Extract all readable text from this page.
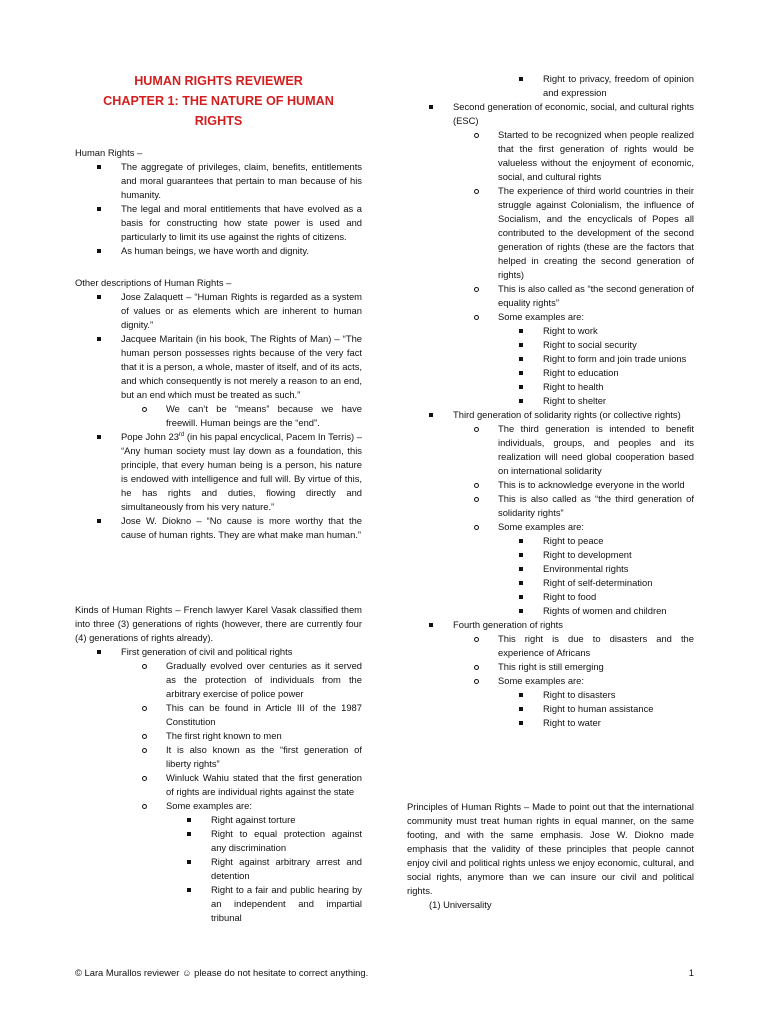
HUMAN RIGHTS REVIEWER
CHAPTER 1: THE NATURE OF HUMAN
RIGHTS

Human Rights –

The aggregate of privileges, claim, benefits, entitlements and moral guarantees that pertain to man because of his humanity.
The legal and moral entitlements that have evolved as a basis for constructing how state power is used and particularly to limit its use against the rights of citizens.
As human beings, we have worth and dignity.

Other descriptions of Human Rights –

Jose Zalaquett – “Human Rights is regarded as a system of values or as elements which are inherent to human dignity.”
Jacquee Maritain (in his book, The Rights of Man) – “The human person possesses rights because of the very fact that it is a person, a whole, master of itself, and of its acts, and which consequently is not merely a reason to an end, but an end which must be treated as such.”
We can’t be “means” because we have freewill. Human beings are the “end”.
Pope John 23rd (in his papal encyclical, Pacem In Terris) – “Any human society must lay down as a foundation, this principle, that every human being is a person, his nature is endowed with intelligence and full will. By virtue of this, he has rights and duties, flowing directly and simultaneously from his very nature.”
Jose W. Diokno – “No cause is more worthy that the cause of human rights. They are what make man human.”

Kinds of Human Rights – French lawyer Karel Vasak classified them into three (3) generations of rights (however, there are currently four (4) generations of rights already).

First generation of civil and political rights
Gradually evolved over centuries as it served as the protection of individuals from the arbitrary exercise of police power
This can be found in Article III of the 1987 Constitution
The first right known to men
It is also known as the “first generation of liberty rights”
Winluck Wahiu stated that the first generation of rights are individual rights against the state
Some examples are:
Right against torture
Right to equal protection against any discrimination
Right against arbitrary arrest and detention
Right to a fair and public hearing by an independent and impartial tribunal
Right to privacy, freedom of opinion and expression
Second generation of economic, social, and cultural rights (ESC)
Started to be recognized when people realized that the first generation of rights would be valueless without the enjoyment of economic, social, and cultural rights
The experience of third world countries in their struggle against Colonialism, the influence of Socialism, and the encyclicals of Popes all contributed to the development of the second generation of rights (these are the factors that helped in creating the second generation of rights)
This is also called as “the second generation of equality rights”
Some examples are:
Right to work
Right to social security
Right to form and join trade unions
Right to education
Right to health
Right to shelter
Third generation of solidarity rights (or collective rights)
The third generation is intended to benefit individuals, groups, and peoples and its realization will need global cooperation based on international solidarity
This is to acknowledge everyone in the world
This is also called as “the third generation of solidarity rights”
Some examples are:
Right to peace
Right to development
Environmental rights
Right of self-determination
Right to food
Rights of women and children
Fourth generation of rights
This right is due to disasters and the experience of Africans
This right is still emerging
Some examples are:
Right to disasters
Right to human assistance
Right to water

Principles of Human Rights – Made to point out that the international community must treat human rights in equal manner, on the same footing, and with the same emphasis. Jose W. Diokno made emphasis that the validity of these principles that people cannot enjoy civil and political rights unless we enjoy economic, cultural, and social rights, anymore than we can insure our civil and political rights.

(1) Universality

© Lara Murallos reviewer ☺ please do not hesitate to correct anything.	1
